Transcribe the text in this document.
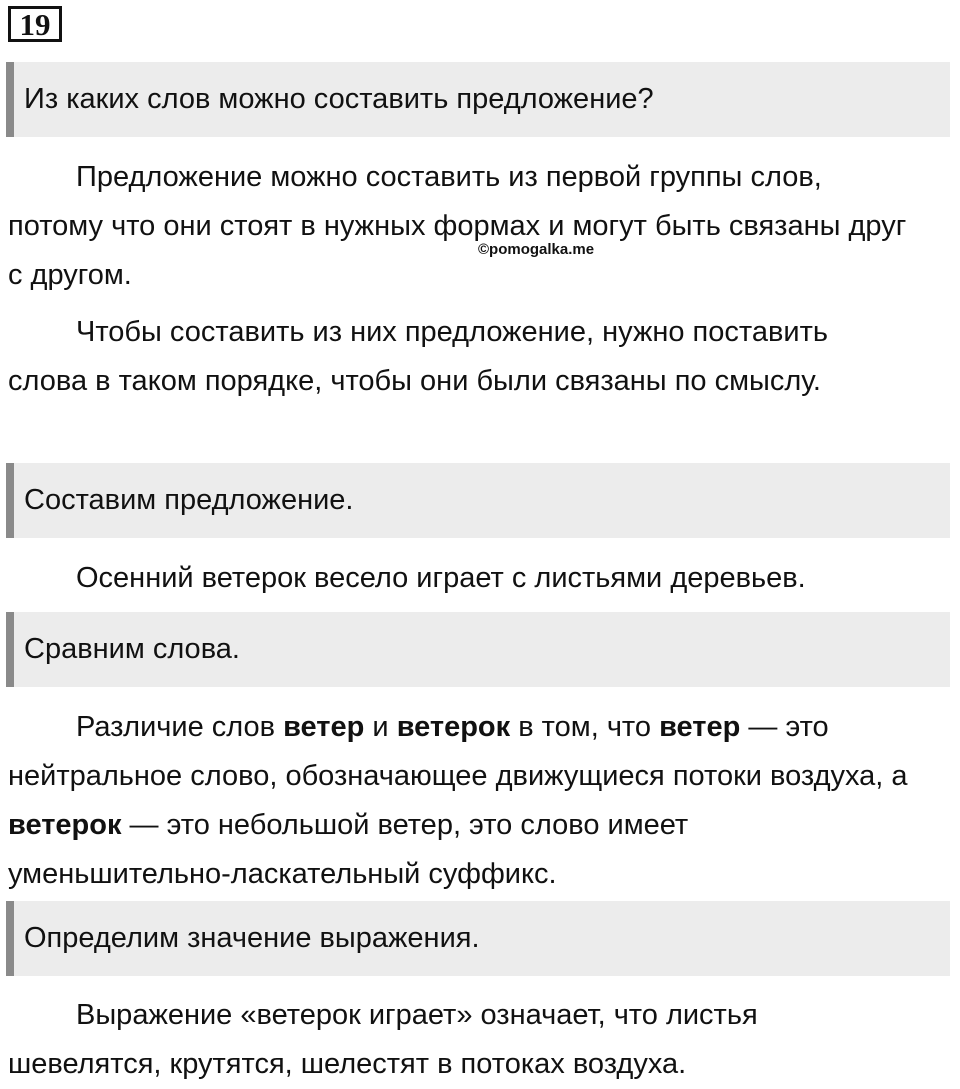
19
Из каких слов можно составить предложение?

Предложение можно составить из первой группы слов, потому что они стоят в нужных формах и могут быть связаны друг с другом.

©pomogalka.me

Чтобы составить из них предложение, нужно поставить слова в таком порядке, чтобы они были связаны по смыслу.

Составим предложение.

Осенний ветерок весело играет с листьями деревьев.

Сравним слова.

Различие слов ветер и ветерок в том, что ветер — это нейтральное слово, обозначающее движущиеся потоки воздуха, а ветерок — это небольшой ветер, это слово имеет уменьшительно-ласкательный суффикс.

Определим значение выражения.

Выражение «ветерок играет» означает, что листья шевелятся, крутятся, шелестят в потоках воздуха.
